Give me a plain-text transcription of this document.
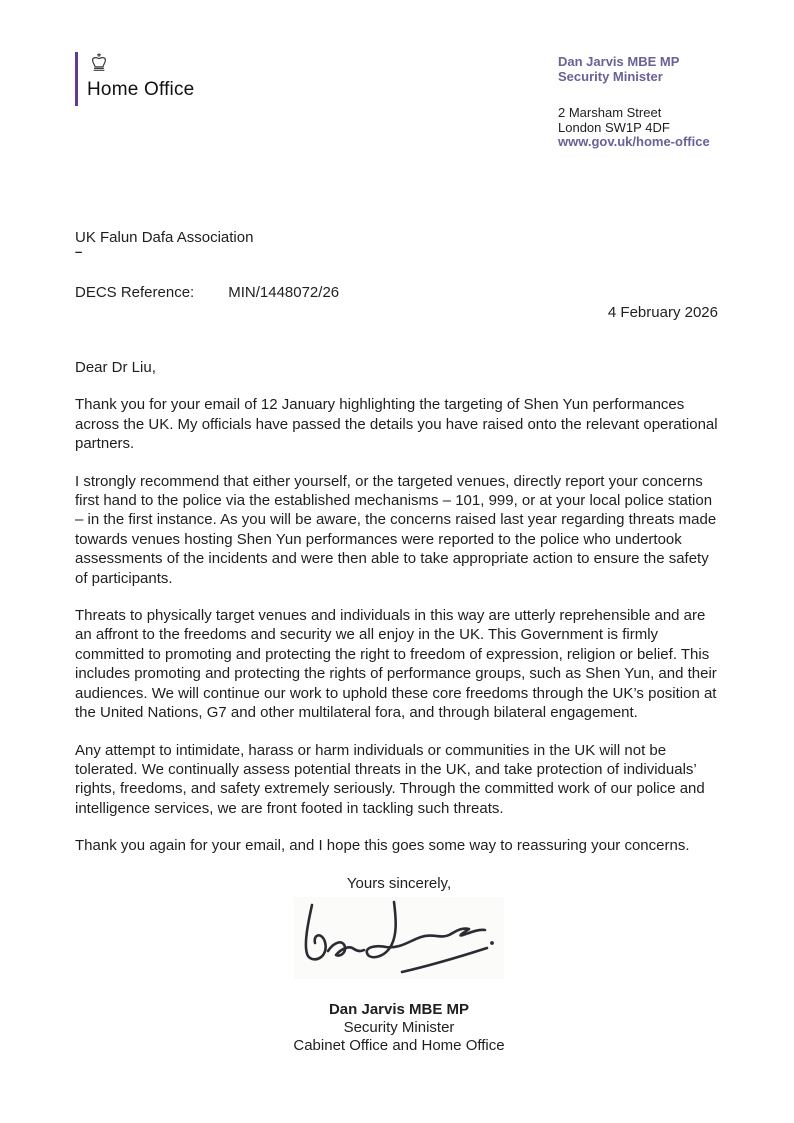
Home Office
Dan Jarvis MBE MP
Security Minister
2 Marsham Street
London SW1P 4DF
www.gov.uk/home-office
UK Falun Dafa Association
–
DECS Reference: MIN/1448072/26
4 February 2026

Dear Dr Liu,

Thank you for your email of 12 January highlighting the targeting of Shen Yun performances across the UK. My officials have passed the details you have raised onto the relevant operational partners.

I strongly recommend that either yourself, or the targeted venues, directly report your concerns first hand to the police via the established mechanisms – 101, 999, or at your local police station – in the first instance. As you will be aware, the concerns raised last year regarding threats made towards venues hosting Shen Yun performances were reported to the police who undertook assessments of the incidents and were then able to take appropriate action to ensure the safety of participants.

Threats to physically target venues and individuals in this way are utterly reprehensible and are an affront to the freedoms and security we all enjoy in the UK. This Government is firmly committed to promoting and protecting the right to freedom of expression, religion or belief. This includes promoting and protecting the rights of performance groups, such as Shen Yun, and their audiences. We will continue our work to uphold these core freedoms through the UK’s position at the United Nations, G7 and other multilateral fora, and through bilateral engagement.

Any attempt to intimidate, harass or harm individuals or communities in the UK will not be tolerated. We continually assess potential threats in the UK, and take protection of individuals’ rights, freedoms, and safety extremely seriously. Through the committed work of our police and intelligence services, we are front footed in tackling such threats.

Thank you again for your email, and I hope this goes some way to reassuring your concerns.

Yours sincerely,
Dan Jarvis MBE MP
Security Minister
Cabinet Office and Home Office
